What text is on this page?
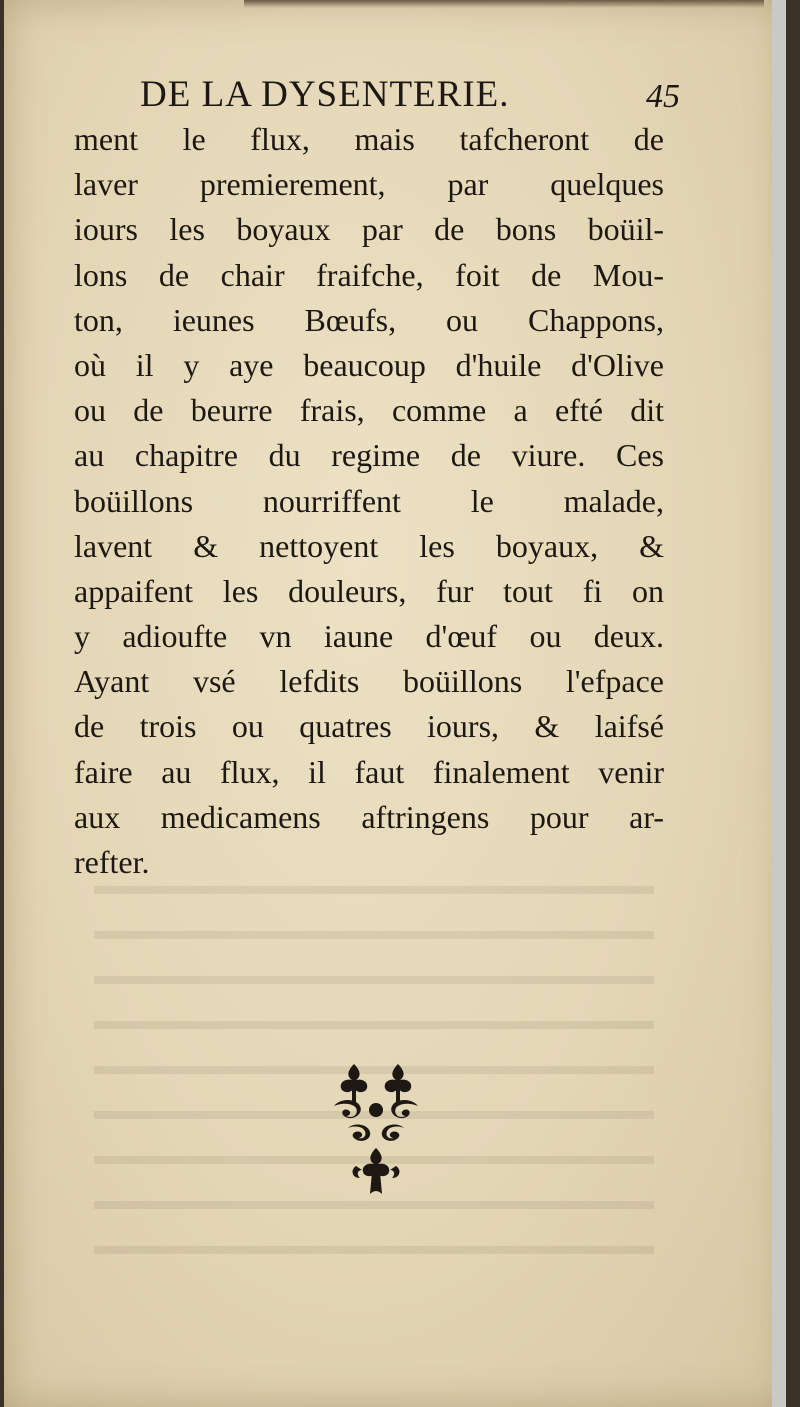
DE LA DYSENTERIE.	45
ment le flux, mais tafcheront de
laver premierement, par quelques
iours les boyaux par de bons boüil-
lons de chair fraifche, foit de Mou-
ton, ieunes Bœufs, ou Chappons,
où il y aye beaucoup d'huile d'Olive
ou de beurre frais, comme a efté dit
au chapitre du regime de viure. Ces
boüillons nourriffent le malade,
lavent & nettoyent les boyaux, &
appaifent les douleurs, fur tout fi on
y adioufte vn iaune d'œuf ou deux.
Ayant vsé lefdits boüillons l'efpace
de trois ou quatres iours, & laifsé
faire au flux, il faut finalement venir
aux medicamens aftringens pour ar-
refter.
